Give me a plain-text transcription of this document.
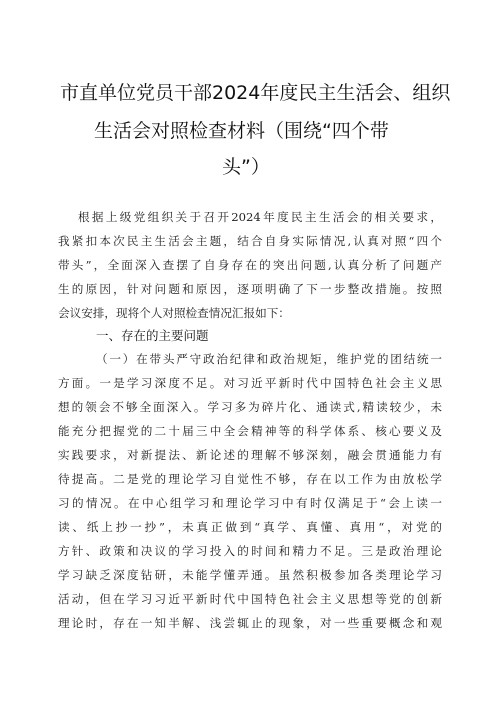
市直单位党员干部2024年度民主生活会、组织
生活会对照检查材料（围绕“四个带
头”）
根据上级党组织关于召开2024年度民主生活会的相关要求，
我紧扣本次民主生活会主题，结合自身实际情况,认真对照“四个
带头”，全面深入查摆了自身存在的突出问题,认真分析了问题产
生的原因，针对问题和原因，逐项明确了下一步整改措施。按照
会议安排，现将个人对照检查情况汇报如下：
一、存在的主要问题
（一）在带头严守政治纪律和政治规矩，维护党的团结统一
方面。一是学习深度不足。对习近平新时代中国特色社会主义思
想的领会不够全面深入。学习多为碎片化、通读式,精读较少，未
能充分把握党的二十届三中全会精神等的科学体系、核心要义及
实践要求，对新提法、新论述的理解不够深刻，融会贯通能力有
待提高。二是党的理论学习自觉性不够，存在以工作为由放松学
习的情况。在中心组学习和理论学习中有时仅满足于“会上读一
读、纸上抄一抄”，未真正做到“真学、真懂、真用“，对党的
方针、政策和决议的学习投入的时间和精力不足。三是政治理论
学习缺乏深度钻研，未能学懂弄通。虽然积极参加各类理论学习
活动，但在学习习近平新时代中国特色社会主义思想等党的创新
理论时，存在一知半解、浅尝辄止的现象，对一些重要概念和观
